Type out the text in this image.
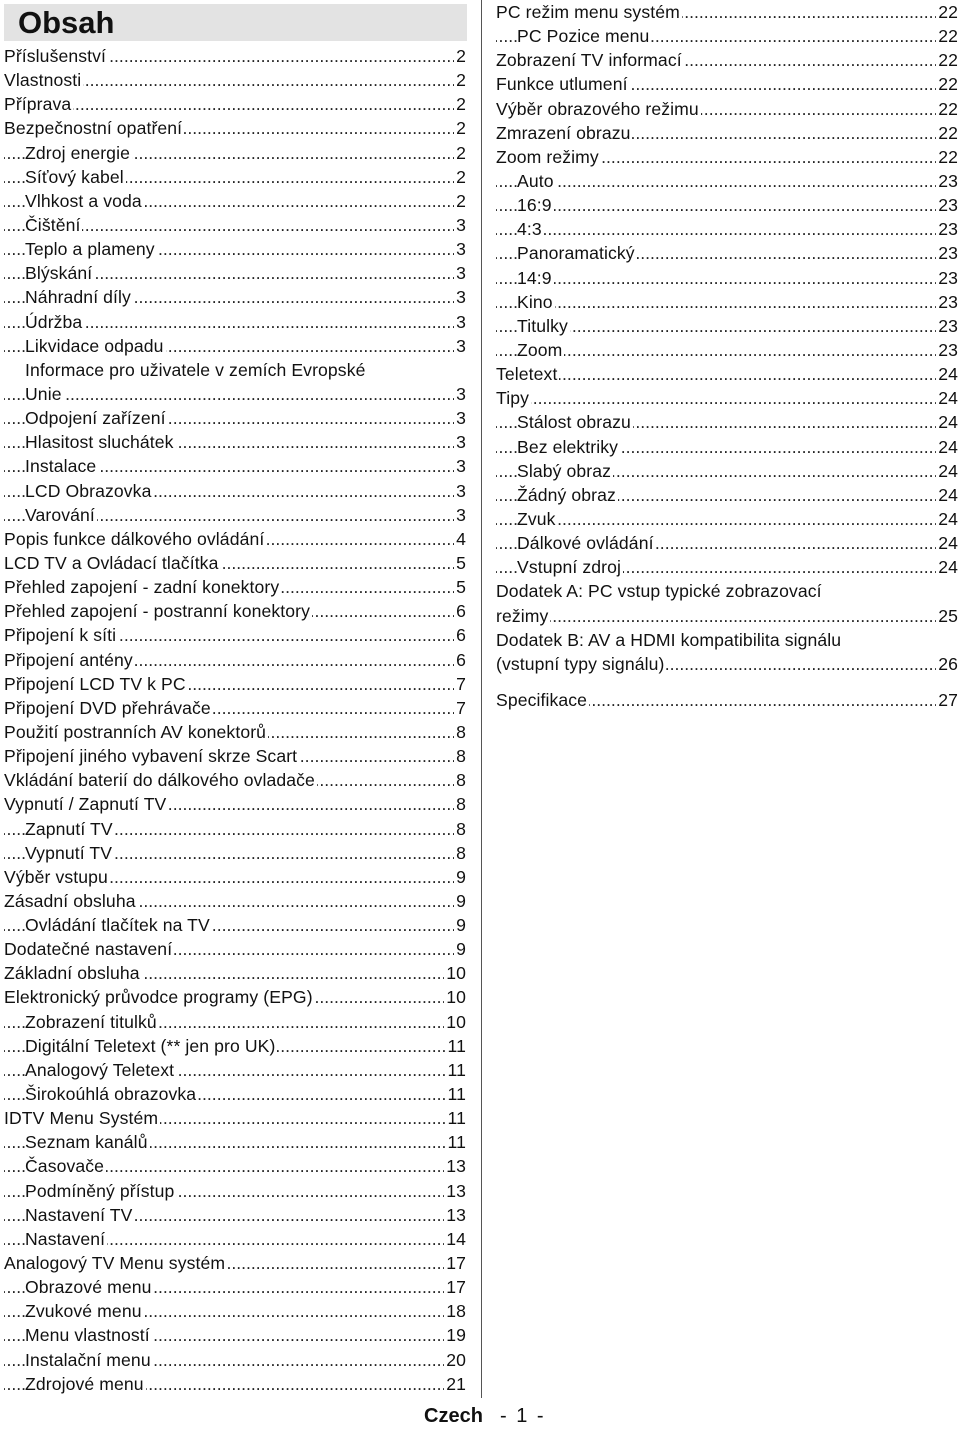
Obsah
.....
Příslušenství	2
.....
Vlastnosti	2
.....
Příprava	2
.....
Bezpečnostní opatření	2
.....
Zdroj energie	2
.....
Síťový kabel	2
.....
Vlhkost a voda	2
.....
Čištění	3
.....
Teplo a plameny	3
.....
Blýskání	3
.....
Náhradní díly	3
.....
Údržba	3
.....
Likvidace odpadu	3
Informace pro uživatele v zemích Evropské
.....
Unie	3
.....
Odpojení zařízení	3
.....
Hlasitost sluchátek	3
.....
Instalace	3
.....
LCD Obrazovka	3
.....
Varování	3
.....
Popis funkce dálkového ovládání	4
.....
LCD TV a Ovládací tlačítka	5
.....
Přehled zapojení - zadní konektory	5
.....
Přehled zapojení - postranní konektory	6
.....
Připojení k síti	6
.....
Připojení antény	6
.....
Připojení LCD TV k PC	7
.....
Připojení DVD přehrávače	7
.....
Použití postranních AV konektorů	8
.....
Připojení jiného vybavení skrze Scart	8
.....
Vkládání baterií do dálkového ovladače	8
.....
Vypnutí / Zapnutí TV	8
.....
Zapnutí TV	8
.....
Vypnutí TV	8
.....
Výběr vstupu	9
.....
Zásadní obsluha	9
.....
Ovládání tlačítek na TV	9
.....
Dodatečné nastavení	9
.....
Základní obsluha	10
.....
Elektronický průvodce programy (EPG)	10
.....
Zobrazení titulků	10
.....
Digitální Teletext (** jen pro UK)	11
.....
Analogový Teletext	11
.....
Širokoúhlá obrazovka	11
.....
IDTV Menu Systém	11
.....
Seznam kanálů	11
.....
Časovače	13
.....
Podmíněný přístup	13
.....
Nastavení TV	13
.....
Nastavení	14
.....
Analogový TV Menu systém	17
.....
Obrazové menu	17
.....
Zvukové menu	18
.....
Menu vlastností	19
.....
Instalační menu	20
.....
Zdrojové menu	21
.....
PC režim menu systém	22
.....
PC Pozice menu	22
.....
Zobrazení TV informací	22
.....
Funkce utlumení	22
.....
Výběr obrazového režimu	22
.....
Zmrazení obrazu	22
.....
Zoom režimy	22
.....
Auto	23
.....
16:9	23
.....
4:3	23
.....
Panoramatický	23
.....
14:9	23
.....
Kino	23
.....
Titulky	23
.....
Zoom	23
.....
Teletext	24
.....
Tipy	24
.....
Stálost obrazu	24
.....
Bez elektriky	24
.....
Slabý obraz	24
.....
Žádný obraz	24
.....
Zvuk	24
.....
Dálkové ovládání	24
.....
Vstupní zdroj	24
Dodatek A: PC vstup typické zobrazovací
.....
režimy	25
Dodatek B: AV a HDMI kompatibilita signálu
.....
(vstupní typy signálu)	26
.....
Specifikace	27
Czech - 1 -
